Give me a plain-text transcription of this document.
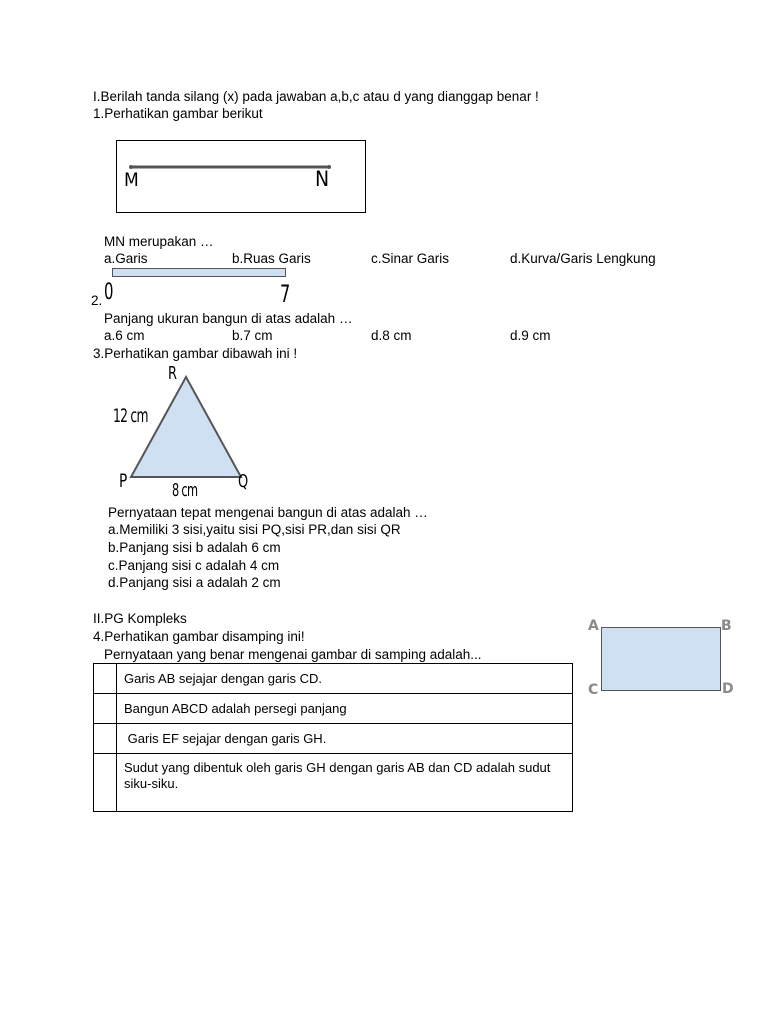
I.Berilah tanda silang (x) pada jawaban a,b,c atau d yang dianggap benar !
1.Perhatikan gambar berikut
M	N
MN merupakan …
a.Garis	b.Ruas Garis	c.Sinar Garis	d.Kurva/Garis Lengkung
2. 0	7
Panjang ukuran bangun di atas adalah …
a.6 cm	b.7 cm	d.8 cm	d.9 cm
3.Perhatikan gambar dibawah ini !
R
12 cm
P	Q
8 cm
Pernyataan tepat mengenai bangun di atas adalah …
a.Memiliki 3 sisi,yaitu sisi PQ,sisi PR,dan sisi QR
b.Panjang sisi b adalah 6 cm
c.Panjang sisi c adalah 4 cm
d.Panjang sisi a adalah 2 cm
II.PG Kompleks
4.Perhatikan gambar disamping ini!
Pernyataan yang benar mengenai gambar di samping adalah...
	Garis AB sejajar dengan garis CD.
	Bangun ABCD adalah persegi panjang
	Garis EF sejajar dengan garis GH.
	Sudut yang dibentuk oleh garis GH dengan garis AB dan CD adalah sudut siku-siku.
A	B
C	D
